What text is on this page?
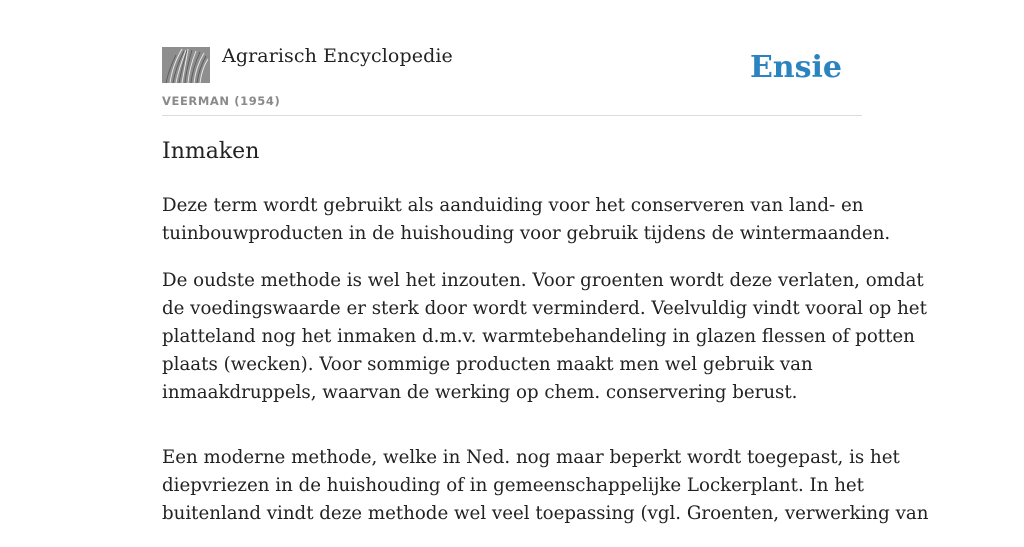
Agrarisch Encyclopedie
VEERMAN (1954)
Ensie
Inmaken

Deze term wordt gebruikt als aanduiding voor het conserveren van land- en
tuinbouwproducten in de huishouding voor gebruik tijdens de wintermaanden.

De oudste methode is wel het inzouten. Voor groenten wordt deze verlaten, omdat
de voedingswaarde er sterk door wordt verminderd. Veelvuldig vindt vooral op het
platteland nog het inmaken d.m.v. warmtebehandeling in glazen flessen of potten
plaats (wecken). Voor sommige producten maakt men wel gebruik van
inmaakdruppels, waarvan de werking op chem. conservering berust.

Een moderne methode, welke in Ned. nog maar beperkt wordt toegepast, is het
diepvriezen in de huishouding of in gemeenschappelijke Lockerplant. In het
buitenland vindt deze methode wel veel toepassing (vgl. Groenten, verwerking van
